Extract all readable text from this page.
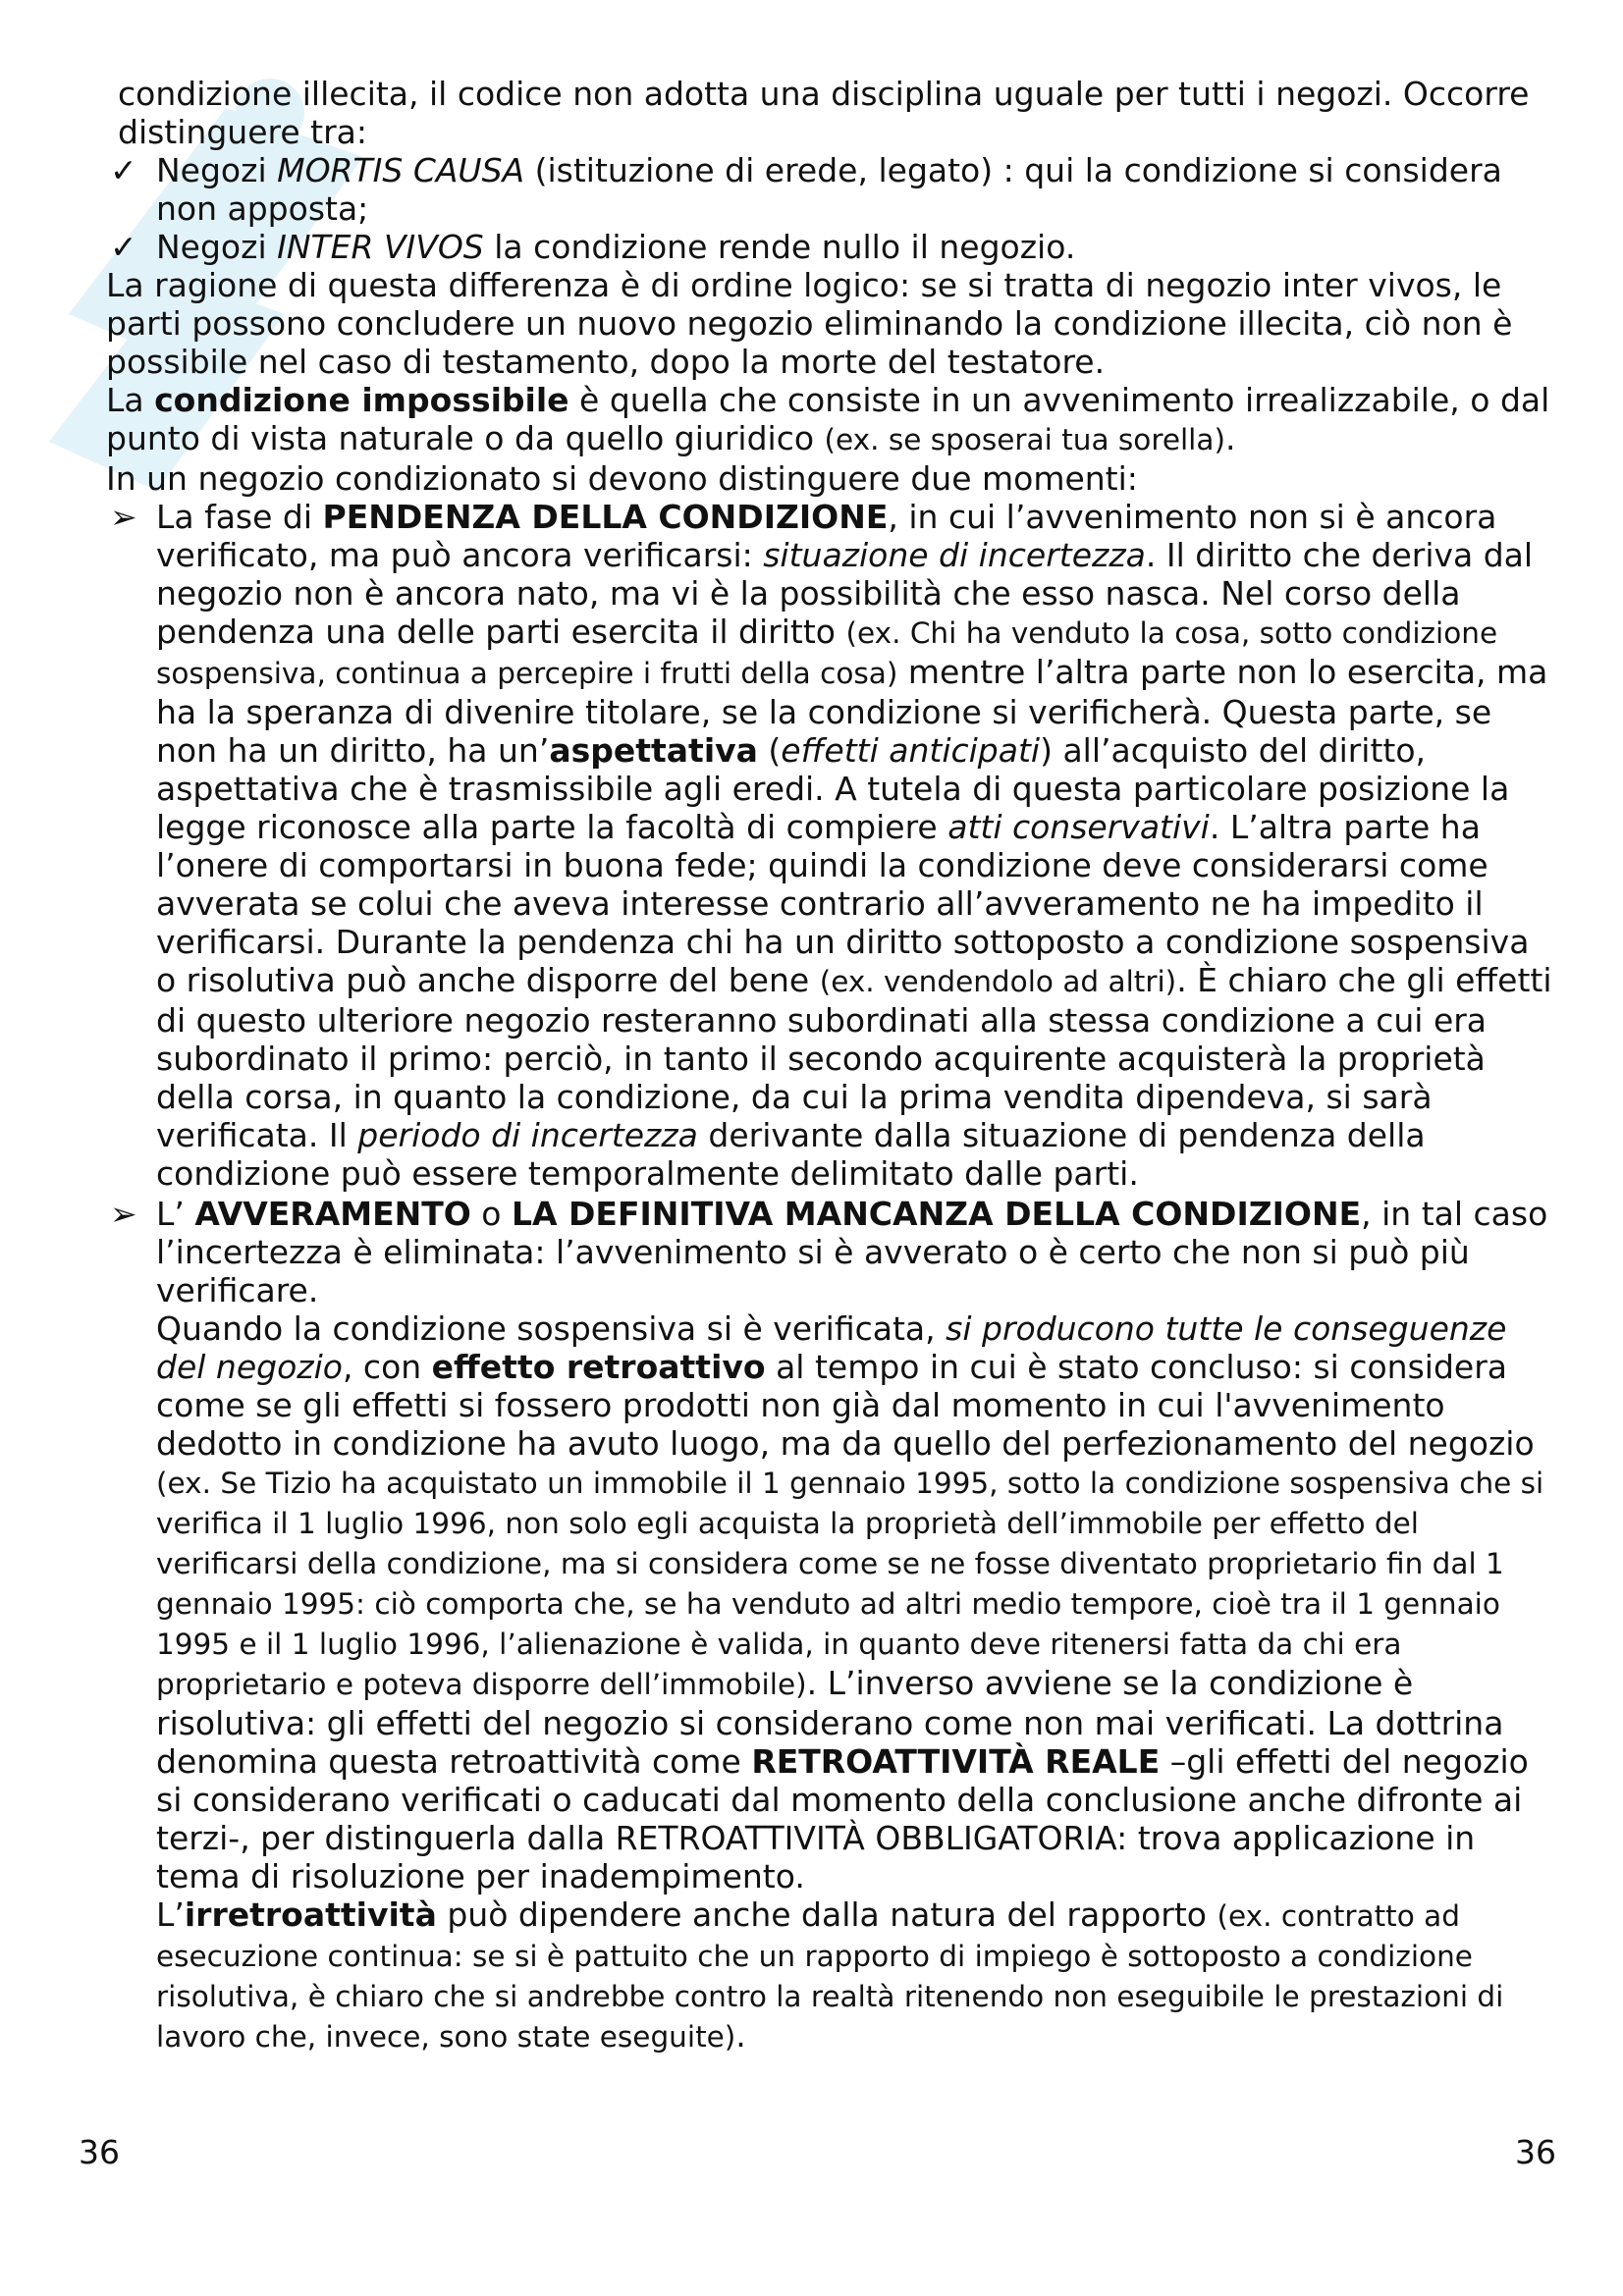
condizione illecita, il codice non adotta una disciplina uguale per tutti i negozi. Occorre distinguere tra:

✓ Negozi MORTIS CAUSA (istituzione di erede, legato) : qui la condizione si considera non apposta;
✓ Negozi INTER VIVOS la condizione rende nullo il negozio.

La ragione di questa differenza è di ordine logico: se si tratta di negozio inter vivos, le parti possono concludere un nuovo negozio eliminando la condizione illecita, ciò non è possibile nel caso di testamento, dopo la morte del testatore.

La condizione impossibile è quella che consiste in un avvenimento irrealizzabile, o dal punto di vista naturale o da quello giuridico (ex. se sposerai tua sorella).

In un negozio condizionato si devono distinguere due momenti:

➢ La fase di PENDENZA DELLA CONDIZIONE, in cui l’avvenimento non si è ancora verificato, ma può ancora verificarsi: situazione di incertezza. Il diritto che deriva dal negozio non è ancora nato, ma vi è la possibilità che esso nasca. Nel corso della pendenza una delle parti esercita il diritto (ex. Chi ha venduto la cosa, sotto condizione sospensiva, continua a percepire i frutti della cosa) mentre l’altra parte non lo esercita, ma ha la speranza di divenire titolare, se la condizione si verificherà. Questa parte, se non ha un diritto, ha un’aspettativa (effetti anticipati) all’acquisto del diritto, aspettativa che è trasmissibile agli eredi. A tutela di questa particolare posizione la legge riconosce alla parte la facoltà di compiere atti conservativi. L’altra parte ha l’onere di comportarsi in buona fede; quindi la condizione deve considerarsi come avverata se colui che aveva interesse contrario all’avveramento ne ha impedito il verificarsi. Durante la pendenza chi ha un diritto sottoposto a condizione sospensiva o risolutiva può anche disporre del bene (ex. vendendolo ad altri). È chiaro che gli effetti di questo ulteriore negozio resteranno subordinati alla stessa condizione a cui era subordinato il primo: perciò, in tanto il secondo acquirente acquisterà la proprietà della corsa, in quanto la condizione, da cui la prima vendita dipendeva, si sarà verificata. Il periodo di incertezza derivante dalla situazione di pendenza della condizione può essere temporalmente delimitato dalle parti.
➢ L’ AVVERAMENTO o LA DEFINITIVA MANCANZA DELLA CONDIZIONE, in tal caso l’incertezza è eliminata: l’avvenimento si è avverato o è certo che non si può più verificare.

Quando la condizione sospensiva si è verificata, si producono tutte le conseguenze del negozio, con effetto retroattivo al tempo in cui è stato concluso: si considera come se gli effetti si fossero prodotti non già dal momento in cui l'avvenimento dedotto in condizione ha avuto luogo, ma da quello del perfezionamento del negozio (ex. Se Tizio ha acquistato un immobile il 1 gennaio 1995, sotto la condizione sospensiva che si verifica il 1 luglio 1996, non solo egli acquista la proprietà dell’immobile per effetto del verificarsi della condizione, ma si considera come se ne fosse diventato proprietario fin dal 1 gennaio 1995: ciò comporta che, se ha venduto ad altri medio tempore, cioè tra il 1 gennaio 1995 e il 1 luglio 1996, l’alienazione è valida, in quanto deve ritenersi fatta da chi era proprietario e poteva disporre dell’immobile). L’inverso avviene se la condizione è risolutiva: gli effetti del negozio si considerano come non mai verificati. La dottrina denomina questa retroattività come RETROATTIVITÀ REALE –gli effetti del negozio si considerano verificati o caducati dal momento della conclusione anche difronte ai terzi-, per distinguerla dalla RETROATTIVITÀ OBBLIGATORIA: trova applicazione in tema di risoluzione per inadempimento.

L’irretroattività può dipendere anche dalla natura del rapporto (ex. contratto ad esecuzione continua: se si è pattuito che un rapporto di impiego è sottoposto a condizione risolutiva, è chiaro che si andrebbe contro la realtà ritenendo non eseguibile le prestazioni di lavoro che, invece, sono state eseguite).

36	36
